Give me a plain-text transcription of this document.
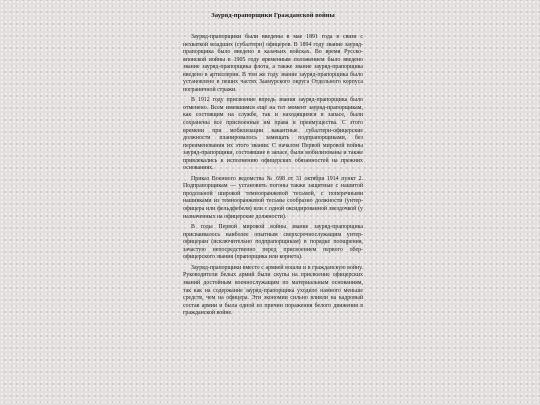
Зауряд-прапорщики Гражданской войны

Зауряд-прапорщики были введены в мае 1891 года в связи с нехваткой младших (субалтерн) офицеров. В 1894 году звание зауряд-прапорщика было введено в казачьих войсках. Во время Русско-японской войны в 1905 году временным положением было введено звание зауряд-прапорщика флота, а также звание зауряд-прапорщика введено в артиллерии. В том же году звание зауряд-прапорщика было установлено в пеших частях Заамурского округа Отдельного корпуса пограничной стражи.

В 1912 году присвоение впредь звания зауряд-прапорщика было отменено. Всем имевшимся ещё на тот момент зауряд-прапорщикам, как состоящим на службе, так и находящимся в запасе, были сохранены все присвоенные им права и преимущества. С этого времени при мобилизации вакантные субалтерн-офицерские должности планировалось замещать подпрапорщиками, без переименования их этого звания. С началом Первой мировой войны зауряд-прапорщики, состоявшие в запасе, были мобилизованы и также привлекались к исполнению офицерских обязанностей на прежних основаниях.

Приказ Военного ведомства № 698 от 31 октября 1914 пункт 2. Подпрапорщикам — установить погоны также защитные с нашитой продольной широкой темнооранжевой тесьмой, с поперечными нашивками из темнооранжевой тесьмы сообразно должности (унтер-офицера или фельдфебеля) или с одной оксидированной звездочкой (у назначенных на офицерские должности).

В годы Первой мировой войны звание зауряд-прапорщика присваивалось наиболее опытным сверхсрочнослужащим унтер-офицерам (исключительно подпрапорщикам) в порядке поощрения, зачастую непосредственно перед присвоением первого обер-офицерского звания (прапорщика или корнета).

Зауряд-прапорщики вместе с армией вошли и в гражданскую войну. Руководители белых армий были скупы на присвоение офицерских званий достойным военнослужащим по материальным основаниям, так как на содержание зауряд-прапорщика уходило намного меньше средств, чем на офицера. Эти экономии сильно влияли на кадровый состав армии и была одной из причин поражения белого движения в гражданской войне.
